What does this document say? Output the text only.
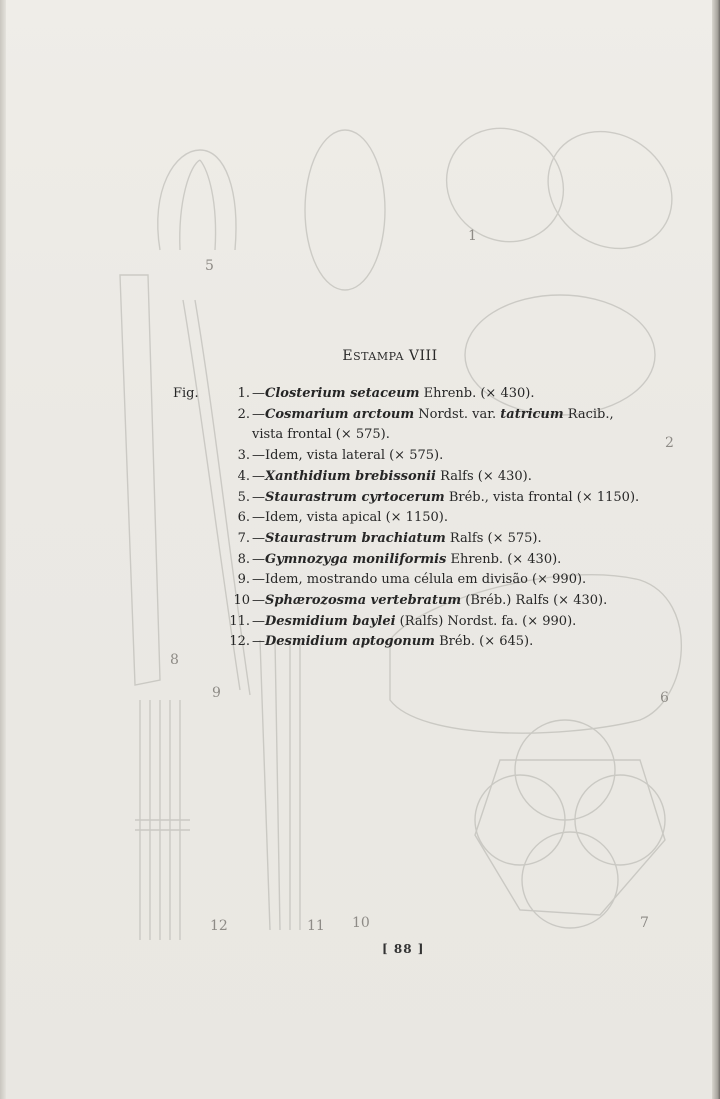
1
5
8
9
12	11 10
6
7
2
ESTAMPA VIII
Fig.	1. —Closterium setaceum Ehrenb. (× 430).
2. —Cosmarium arctoum Nordst. var. tatricum Racib.,
vista frontal (× 575).
3. —Idem, vista lateral (× 575).
4. —Xanthidium brebissonii Ralfs (× 430).
5. —Staurastrum cyrtocerum Bréb., vista frontal (× 1150).
6. —Idem, vista apical (× 1150).
7. —Staurastrum brachiatum Ralfs (× 575).
8. —Gymnozyga moniliformis Ehrenb. (× 430).
9. —Idem, mostrando uma célula em divisão (× 990).
10 —Sphærozosma vertebratum (Bréb.) Ralfs (× 430).
11. —Desmidium baylei (Ralfs) Nordst. fa. (× 990).
12. —Desmidium aptogonum Bréb. (× 645).
[ 88 ]
